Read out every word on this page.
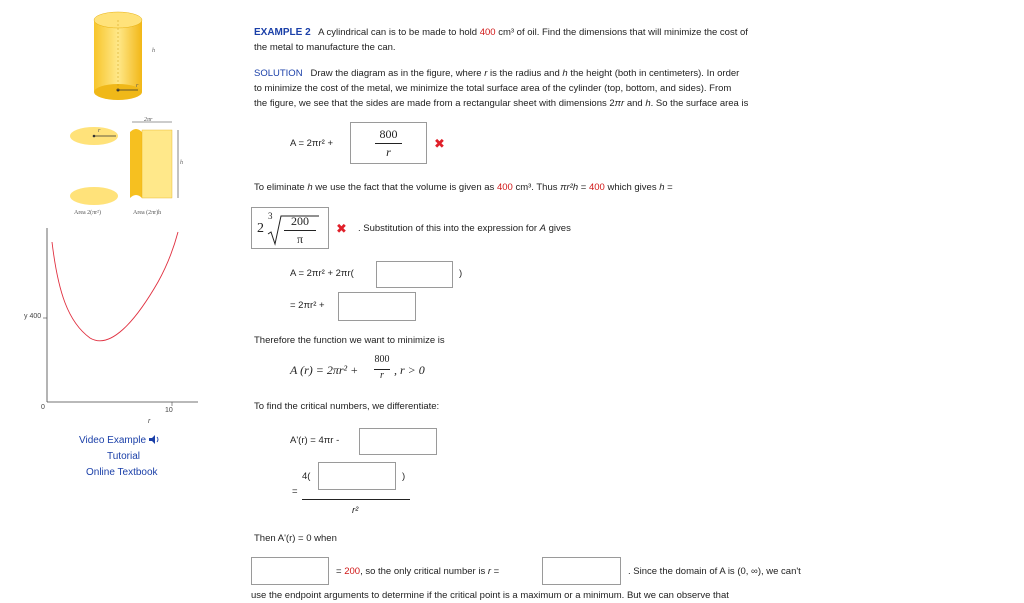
h
r
r
2πr
h
Area 2(πr²)	Area (2πr)h
y 400
0	10
r
Video Example
Tutorial
Online Textbook
EXAMPLE 2 A cylindrical can is to be made to hold 400 cm³ of oil. Find the dimensions that will minimize the cost of
the metal to manufacture the can.
SOLUTION Draw the diagram as in the figure, where r is the radius and h the height (both in centimeters). In order
to minimize the cost of the metal, we minimize the total surface area of the cylinder (top, bottom, and sides). From
the figure, we see that the sides are made from a rectangular sheet with dimensions 2πr and h. So the surface area is
A = 2πr² +
800
r
✖
To eliminate h we use the fact that the volume is given as 400 cm³. Thus πr²h = 400 which gives h =
2
3	200
π
✖ . Substitution of this into the expression for A gives
A = 2πr² + 2πr(	)
= 2πr² +
Therefore the function we want to minimize is
A (r) = 2πr² +
800
r , r > 0
To find the critical numbers, we differentiate:
A'(r) = 4πr -
4(	)
=
r²
Then A'(r) = 0 when
= 200, so the only critical number is r =	. Since the domain of A is (0, ∞), we can't
use the endpoint arguments to determine if the critical point is a maximum or a minimum. But we can observe that
